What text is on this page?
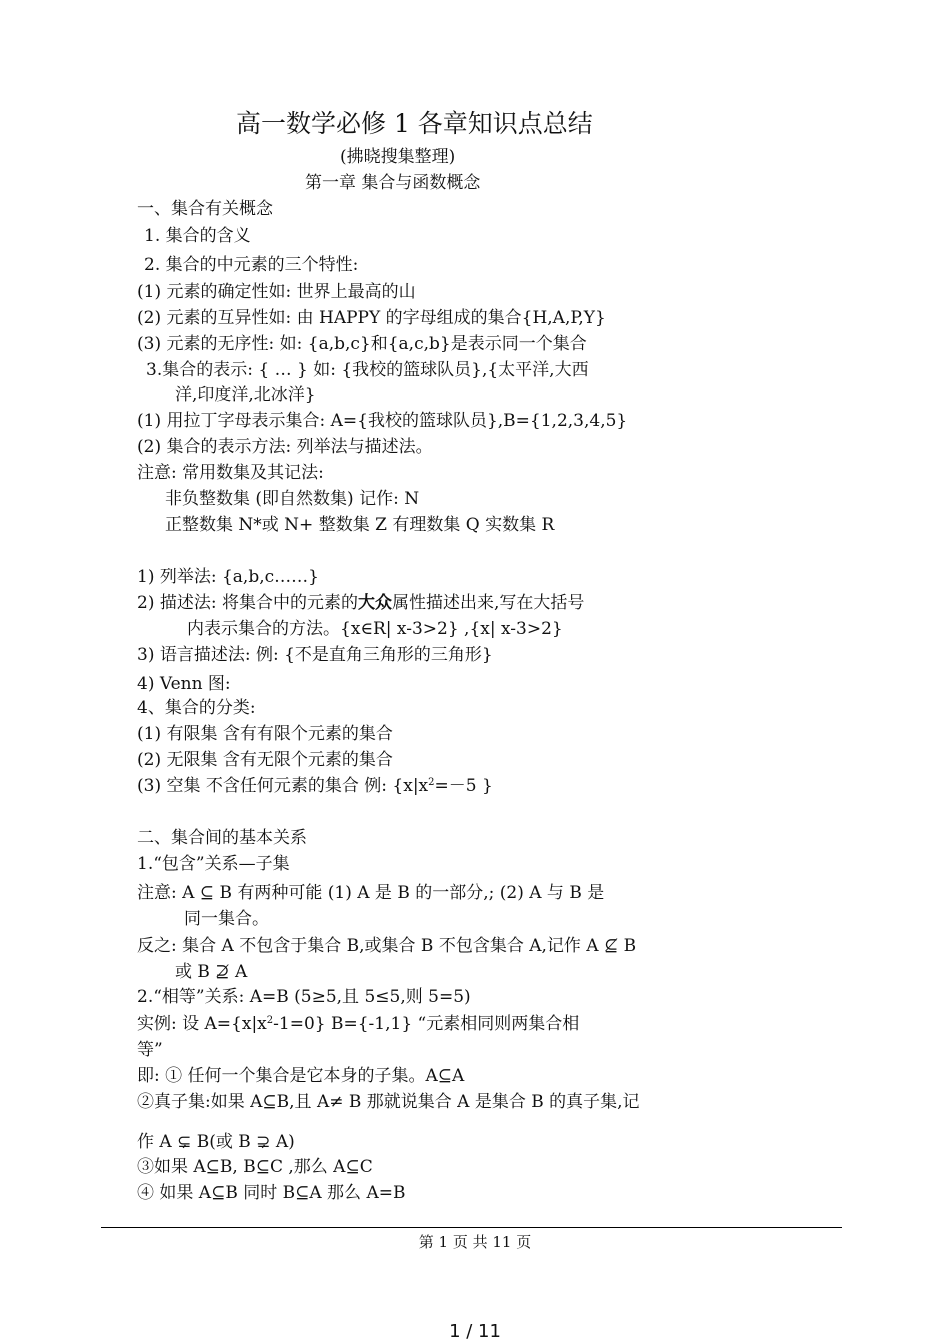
高一数学必修 1 各章知识点总结
(拂晓搜集整理)
第一章 集合与函数概念
一、集合有关概念
1. 集合的含义
2. 集合的中元素的三个特性:
(1) 元素的确定性如: 世界上最高的山
(2) 元素的互异性如: 由 HAPPY 的字母组成的集合{H,A,P,Y}
(3) 元素的无序性: 如: {a,b,c}和{a,c,b}是表示同一个集合
3.集合的表示: { … } 如: {我校的篮球队员},{太平洋,大西
洋,印度洋,北冰洋}
(1) 用拉丁字母表示集合: A={我校的篮球队员},B={1,2,3,4,5}
(2) 集合的表示方法: 列举法与描述法。
注意: 常用数集及其记法:
非负整数集 (即自然数集) 记作: N
正整数集 N*或 N+ 整数集 Z 有理数集 Q 实数集 R
1) 列举法: {a,b,c……}
2) 描述法: 将集合中的元素的大众属性描述出来,写在大括号
内表示集合的方法。{x∈R| x-3>2} ,{x| x-3>2}
3) 语言描述法: 例: {不是直角三角形的三角形}
4) Venn 图:
4、集合的分类:
(1) 有限集 含有有限个元素的集合
(2) 无限集 含有无限个元素的集合
(3) 空集 不含任何元素的集合 例: {$x|x^2=-5$ }
二、集合间的基本关系
1.“包含”关系—子集
注意: A ⊆ B 有两种可能 (1) A 是 B 的一部分,; (2) A 与 B 是
同一集合。
反之: 集合 A 不包含于集合 B,或集合 B 不包含集合 A,记作 A ⊈ B
或 B ⊉ A
2.“相等”关系: A=B (5≥5,且 5≤5,则 5=5)
实例: 设 $A=\{x|x^2-1=0\}$ B={-1,1} “元素相同则两集合相
等”
即: ① 任何一个集合是它本身的子集。A⊆A
②真子集:如果 A⊆B,且 A≠ B 那就说集合 A 是集合 B 的真子集,记
作 A ⊊ B(或 B ⊋ A)
③如果 A⊆B, B⊆C ,那么 A⊆C
④ 如果 A⊆B 同时 B⊆A 那么 A=B
第 1 页 共 11 页
1 / 11
